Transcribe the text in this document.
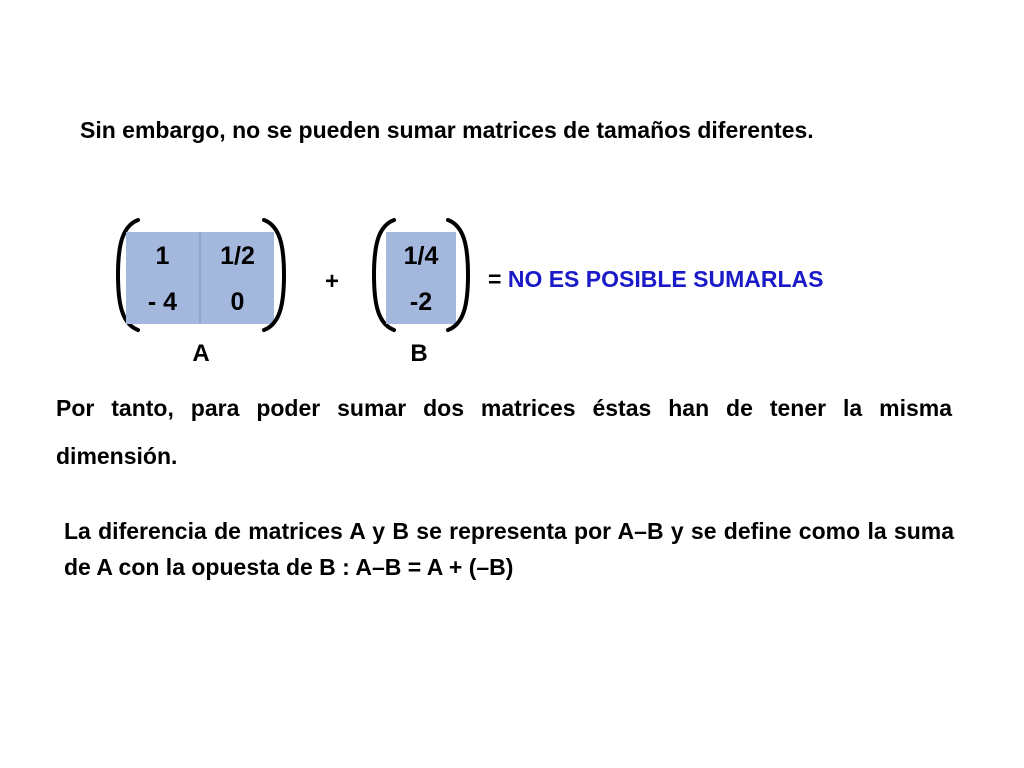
Sin embargo, no se pueden sumar matrices de tamaños diferentes.
1	1/2
- 4	0
A
+
1/4
-2
B
= NO ES POSIBLE SUMARLAS
Por tanto, para poder sumar dos matrices éstas han de tener la misma dimensión.
La diferencia de matrices A y B se representa por A–B y se define como la suma de A con la opuesta de B : A–B = A + (–B)
